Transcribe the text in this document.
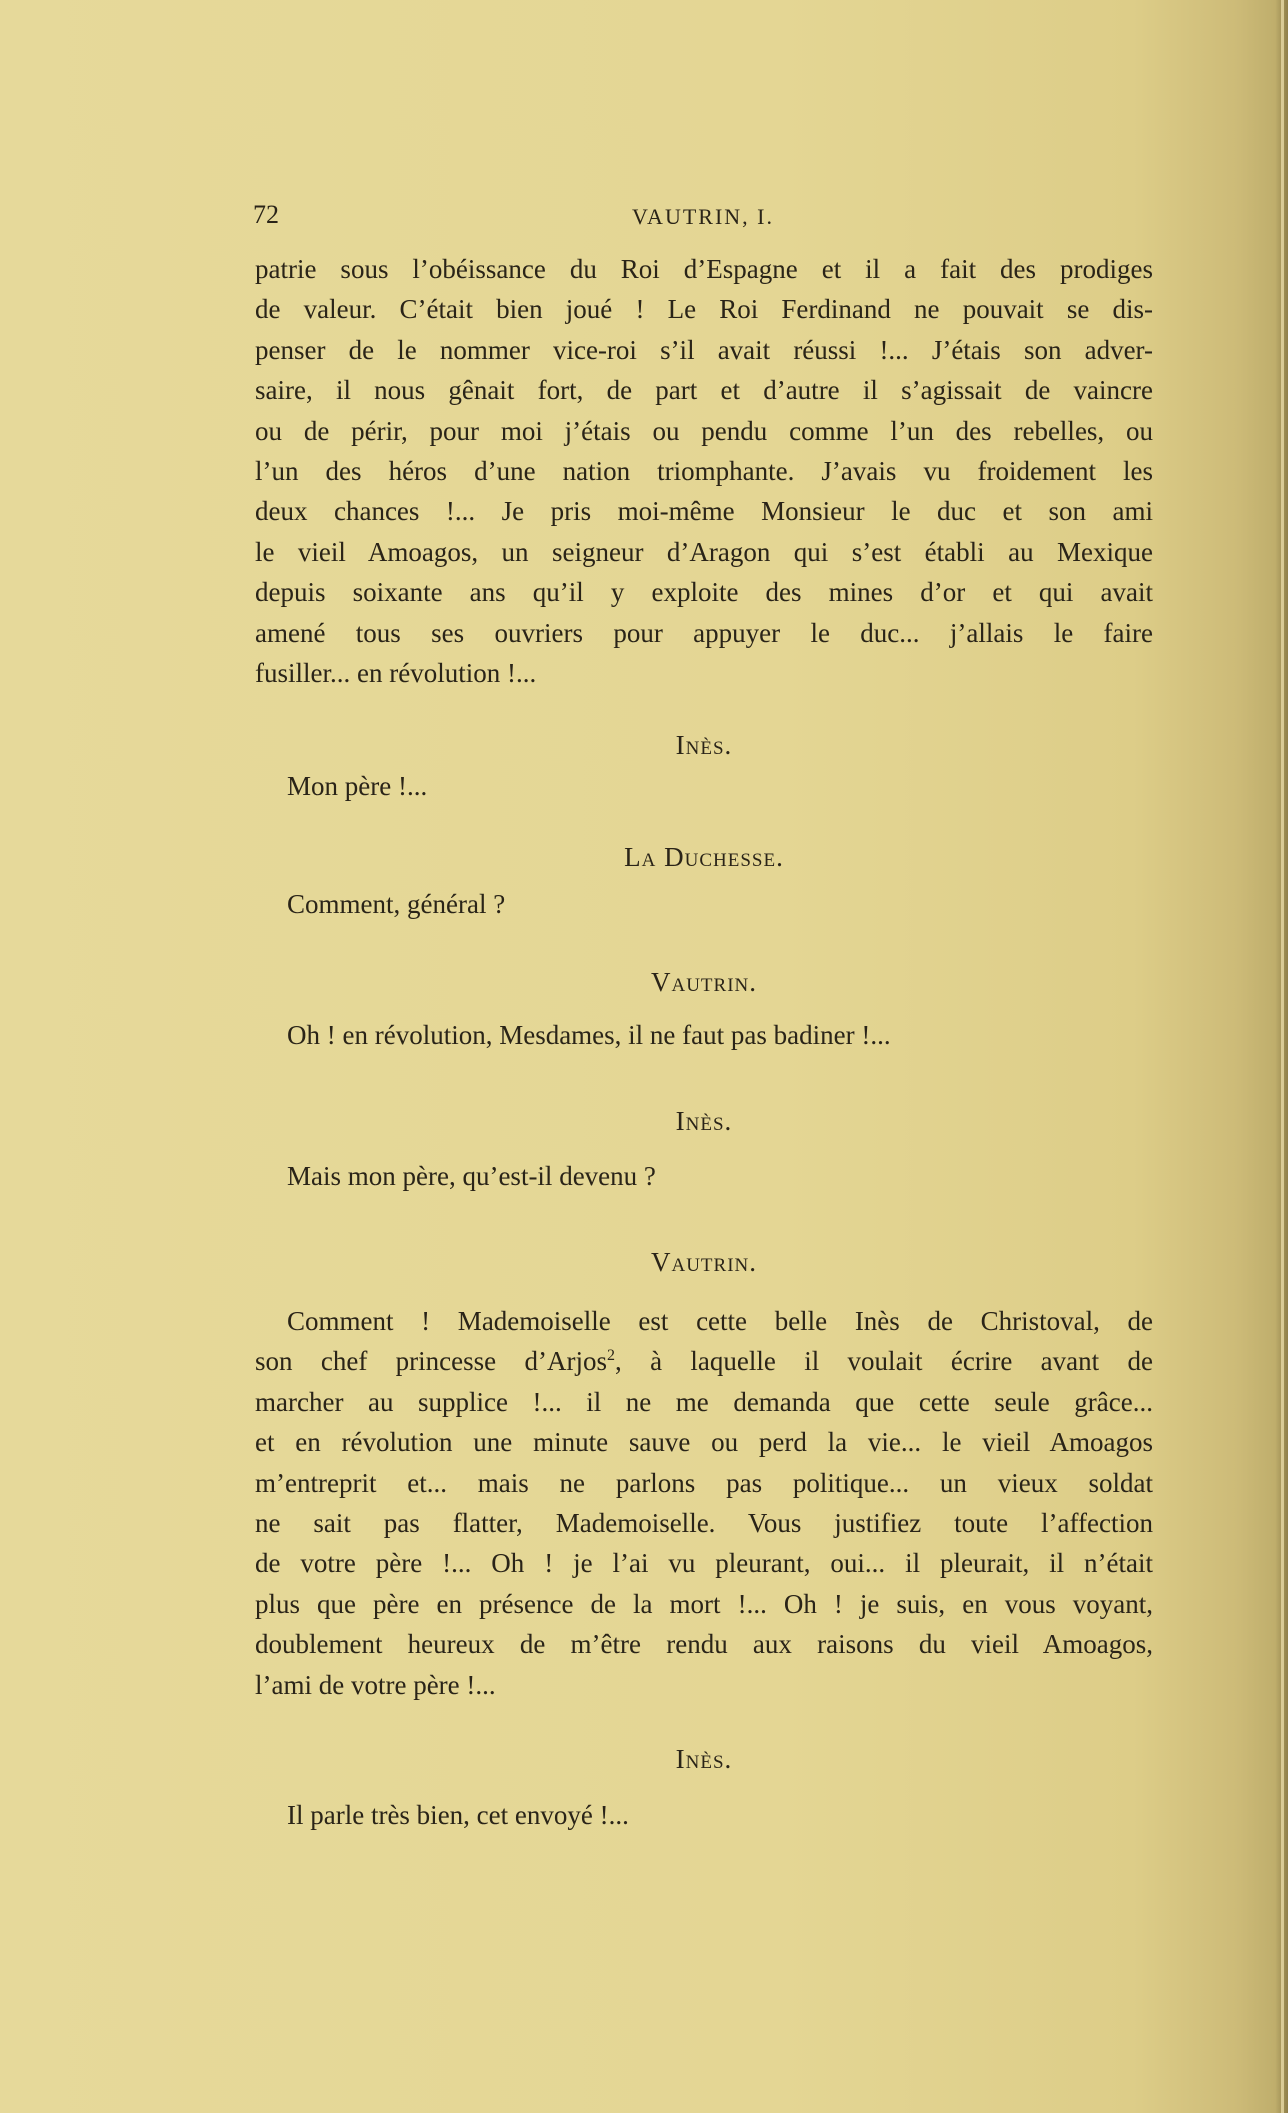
72	VAUTRIN, I.
patrie sous l’obéissance du Roi d’Espagne et il a fait des prodiges
de valeur. C’était bien joué ! Le Roi Ferdinand ne pouvait se dis-
penser de le nommer vice-roi s’il avait réussi !... J’étais son adver-
saire, il nous gênait fort, de part et d’autre il s’agissait de vaincre
ou de périr, pour moi j’étais ou pendu comme l’un des rebelles, ou
l’un des héros d’une nation triomphante. J’avais vu froidement les
deux chances !... Je pris moi-même Monsieur le duc et son ami
le vieil Amoagos, un seigneur d’Aragon qui s’est établi au Mexique
depuis soixante ans qu’il y exploite des mines d’or et qui avait
amené tous ses ouvriers pour appuyer le duc... j’allais le faire
fusiller... en révolution !...
Inès.
Mon père !...
La Duchesse.
Comment, général ?
Vautrin.
Oh ! en révolution, Mesdames, il ne faut pas badiner !...
Inès.
Mais mon père, qu’est-il devenu ?
Vautrin.
Comment ! Mademoiselle est cette belle Inès de Christoval, de
son chef princesse d’Arjos$^2$, à laquelle il voulait écrire avant de
marcher au supplice !... il ne me demanda que cette seule grâce...
et en révolution une minute sauve ou perd la vie... le vieil Amoagos
m’entreprit et... mais ne parlons pas politique... un vieux soldat
ne sait pas flatter, Mademoiselle. Vous justifiez toute l’affection
de votre père !... Oh ! je l’ai vu pleurant, oui... il pleurait, il n’était
plus que père en présence de la mort !... Oh ! je suis, en vous voyant,
doublement heureux de m’être rendu aux raisons du vieil Amoagos,
l’ami de votre père !...
Inès.
Il parle très bien, cet envoyé !...
